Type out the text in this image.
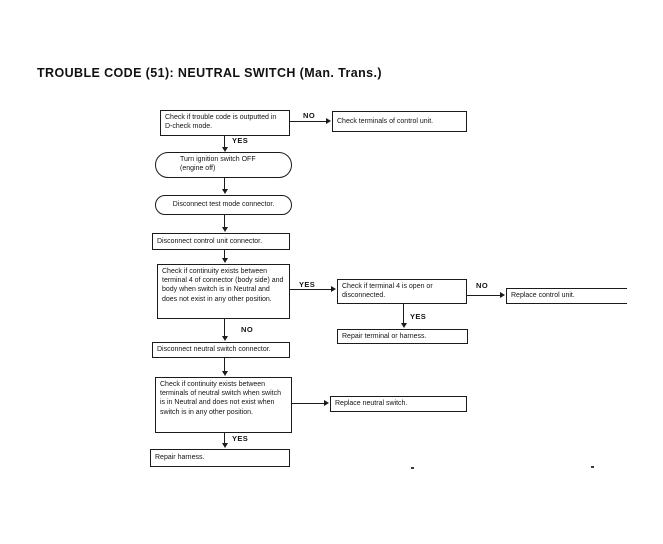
TROUBLE CODE (51): NEUTRAL SWITCH (Man. Trans.)
Check if trouble code is outputted in D-check mode.
NO
Check terminals of control unit.
YES
Turn ignition switch OFF
(engine off)
Disconnect test mode connector.
Disconnect control unit connector.
Check if continuity exists between terminal 4 of connector (body side) and body when switch is in Neutral and does not exist in any other position.
YES	Check if terminal 4 is open or disconnected.
NO
Replace control unit.
YES
Repair terminal or harness.
NO
Disconnect neutral switch connector.
Check if continuity exists between terminals of neutral switch when switch is in Neutral and does not exist when switch is in any other position.
Replace neutral switch.
YES
Repair harness.
